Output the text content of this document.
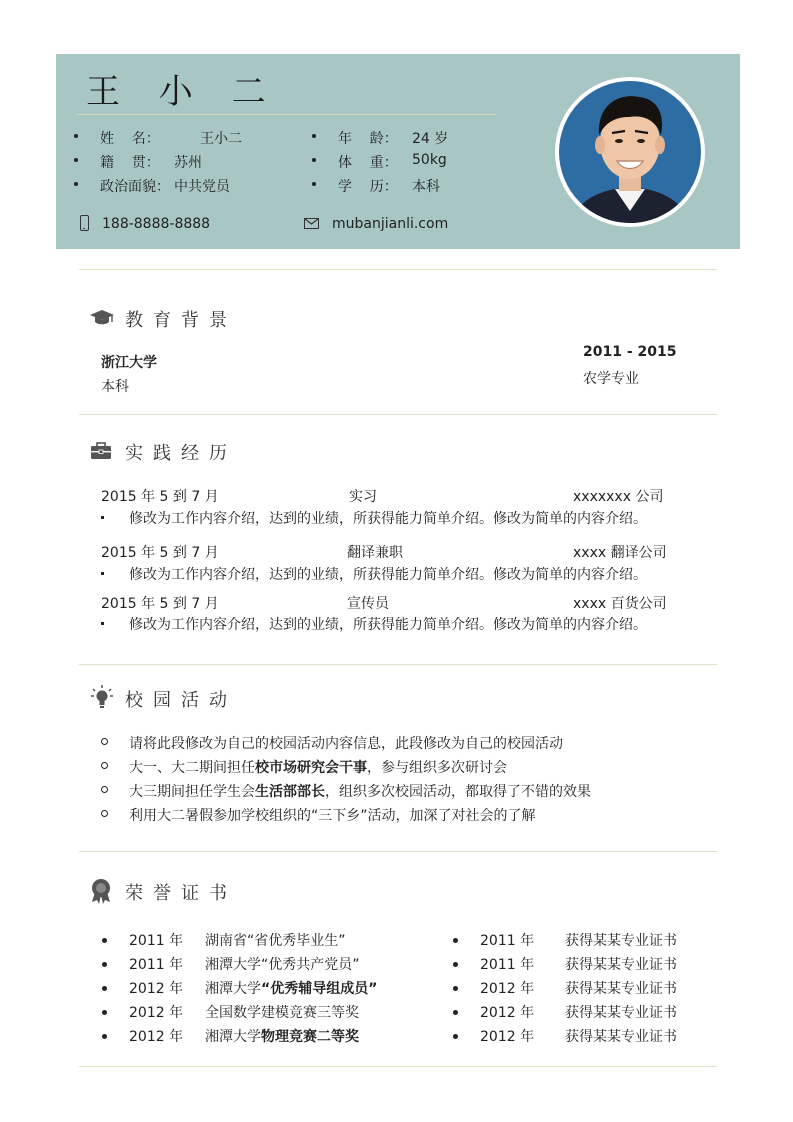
王 小 二
姓    名：	王小二
籍    贯： 苏州
政治面貌： 中共党员
年    龄： 24 岁
体    重： 50kg
学    历： 本科
188-8888-8888	mubanjianli.com
教育背景
浙江大学
本科
2011 - 2015
农学专业
实践经历
2015 年 5 到 7 月	实习	xxxxxxx 公司
修改为工作内容介绍，达到的业绩，所获得能力简单介绍。修改为简单的内容介绍。
2015 年 5 到 7 月	翻译兼职	xxxx 翻译公司
修改为工作内容介绍，达到的业绩，所获得能力简单介绍。修改为简单的内容介绍。
2015 年 5 到 7 月	宣传员	xxxx 百货公司
修改为工作内容介绍，达到的业绩，所获得能力简单介绍。修改为简单的内容介绍。
校园活动
请将此段修改为自己的校园活动内容信息，此段修改为自己的校园活动
大一、大二期间担任校市场研究会干事，参与组织多次研讨会
大三期间担任学生会生活部部长，组织多次校园活动，都取得了不错的效果
利用大二暑假参加学校组织的“三下乡”活动，加深了对社会的了解
荣誉证书
2011 年 湖南省“省优秀毕业生”
2011 年 湘潭大学“优秀共产党员”
2012 年 湘潭大学“优秀辅导组成员”
2012 年 全国数学建模竞赛三等奖
2012 年 湘潭大学物理竞赛二等奖
2011 年 获得某某专业证书
2011 年 获得某某专业证书
2012 年 获得某某专业证书
2012 年 获得某某专业证书
2012 年 获得某某专业证书
